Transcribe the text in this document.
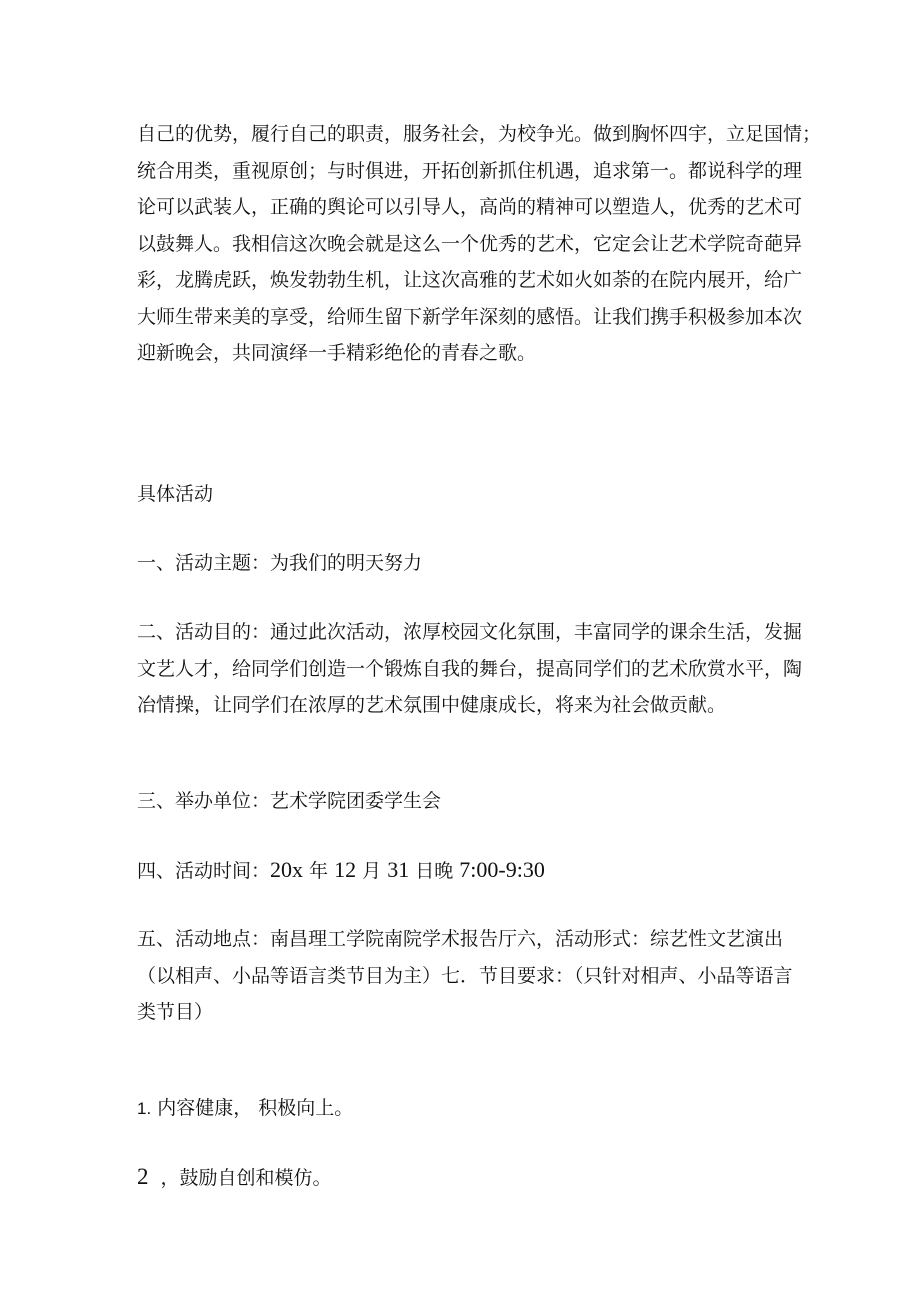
自己的优势，履行自己的职责，服务社会，为校争光。做到胸怀四宇，立足国情；
统合用类，重视原创；与时俱进，开拓创新抓住机遇，追求第一。都说科学的理
论可以武装人，正确的舆论可以引导人，高尚的精神可以塑造人，优秀的艺术可
以鼓舞人。我相信这次晚会就是这么一个优秀的艺术，它定会让艺术学院奇葩异
彩，龙腾虎跃，焕发勃勃生机，让这次高雅的艺术如火如荼的在院内展开，给广
大师生带来美的享受，给师生留下新学年深刻的感悟。让我们携手积极参加本次
迎新晚会，共同演绎一手精彩绝伦的青春之歌。
具体活动
一、活动主题：为我们的明天努力
二、活动目的：通过此次活动，浓厚校园文化氛围，丰富同学的课余生活，发掘
文艺人才，给同学们创造一个锻炼自我的舞台，提高同学们的艺术欣赏水平，陶
冶情操，让同学们在浓厚的艺术氛围中健康成长，将来为社会做贡献。
三、举办单位：艺术学院团委学生会
四、活动时间：20x 年 12 月 31 日晚 7:00-9:30
五、活动地点：南昌理工学院南院学术报告厅六，活动形式：综艺性文艺演出
（以相声、小品等语言类节目为主）七．节目要求：（只针对相声、小品等语言
类节目）
1. 内容健康， 积极向上。
2 ，鼓励自创和模仿。
